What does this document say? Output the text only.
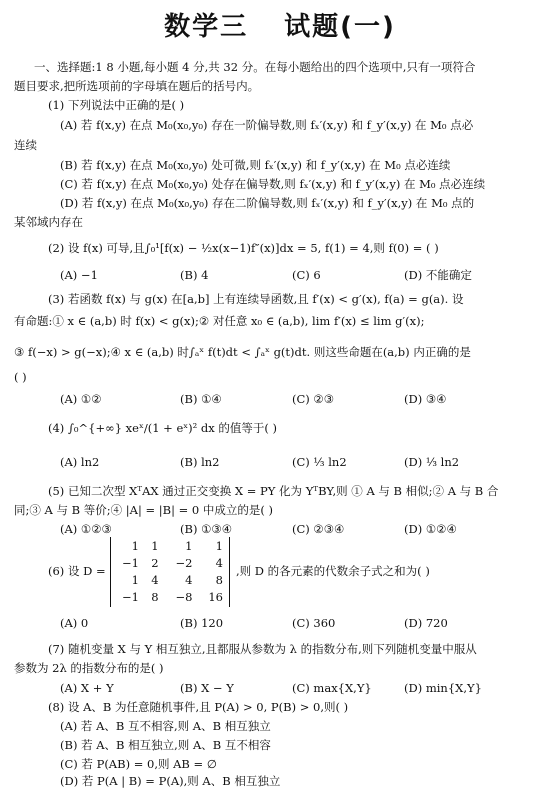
数学三 试题(一)
一、选择题:1 8 小题,每小题 4 分,共 32 分。在每小题给出的四个选项中,只有一项符合
题目要求,把所选项前的字母填在题后的括号内。
(1) 下列说法中正确的是( )
(A) 若 f(x,y) 在点 M₀(x₀,y₀) 存在一阶偏导数,则 fₓ′(x,y) 和 f_y′(x,y) 在 M₀ 点必
连续
(B) 若 f(x,y) 在点 M₀(x₀,y₀) 处可微,则 fₓ′(x,y) 和 f_y′(x,y) 在 M₀ 点必连续
(C) 若 f(x,y) 在点 M₀(x₀,y₀) 处存在偏导数,则 fₓ′(x,y) 和 f_y′(x,y) 在 M₀ 点必连续
(D) 若 f(x,y) 在点 M₀(x₀,y₀) 存在二阶偏导数,则 fₓ′(x,y) 和 f_y′(x,y) 在 M₀ 点的
某邻域内存在
(2) 设 f(x) 可导,且∫₀¹[f(x) − ½x(x−1)f″(x)]dx = 5, f(1) = 4,则 f(0) = ( )
(A) −1	(B) 4	(C) 6	(D) 不能确定
(3) 若函数 f(x) 与 g(x) 在[a,b] 上有连续导函数,且 f′(x) < g′(x), f(a) = g(a). 设
有命题:① x ∈ (a,b) 时 f(x) < g(x);② 对任意 x₀ ∈ (a,b), lim f′(x) ≤ lim g′(x);
③ f(−x) > g(−x);④ x ∈ (a,b) 时∫ₐˣ f(t)dt < ∫ₐˣ g(t)dt. 则这些命题在(a,b) 内正确的是
( )
(A) ①②	(B) ①④	(C) ②③	(D) ③④
(4) ∫₀^{+∞} xeˣ/(1 + eˣ)² dx 的值等于( )
(A) ln2	(B) ln2	(C) ⅓ ln2	(D) ⅓ ln2
(5) 已知二次型 XᵀAX 通过正交变换 X = PY 化为 YᵀBY,则 ① A 与 B 相似;② A 与 B 合
同;③ A 与 B 等价;④ |A| = |B| = 0 中成立的是( )
(A) ①②③	(B) ①③④	(C) ②③④	(D) ①②④
(6) 设 D =
1	1	1	1
−1	2	−2	4
1	4	4	8
−1	8	−8	16
,则 D 的各元素的代数余子式之和为( )
(A) 0	(B) 120	(C) 360	(D) 720
(7) 随机变量 X 与 Y 相互独立,且都服从参数为 λ 的指数分布,则下列随机变量中服从
参数为 2λ 的指数分布的是( )
(A) X + Y	(B) X − Y	(C) max{X,Y}	(D) min{X,Y}
(8) 设 A、B 为任意随机事件,且 P(A) > 0, P(B) > 0,则( )
(A) 若 A、B 互不相容,则 A、B 相互独立
(B) 若 A、B 相互独立,则 A、B 互不相容
(C) 若 P(AB) = 0,则 AB = ∅
(D) 若 P(A | B) = P(A),则 A、B 相互独立
